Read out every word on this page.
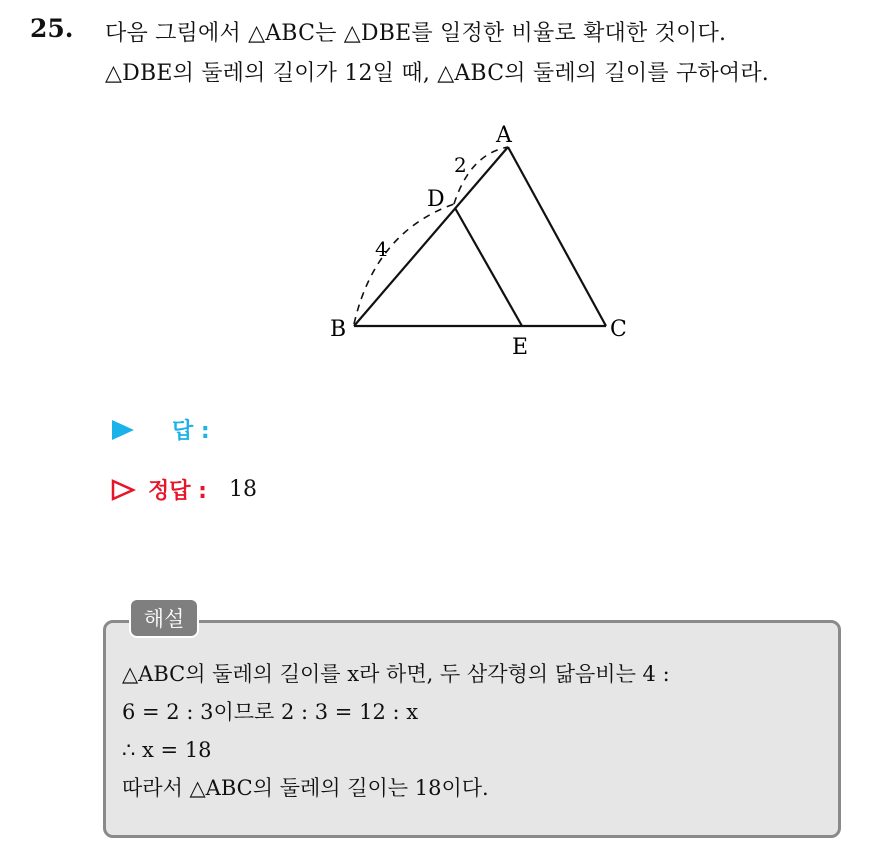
25. 다음 그림에서 △ABC는 △DBE를 일정한 비율로 확대한 것이다.
△DBE의 둘레의 길이가 12일 때, △ABC의 둘레의 길이를 구하여라.
A
D
B
E
C
2
4
답 :
정답 : 18
해설
△ABC의 둘레의 길이를 x라 하면, 두 삼각형의 닮음비는 4 :
6 = 2 : 3이므로 2 : 3 = 12 : x
∴ x = 18
따라서 △ABC의 둘레의 길이는 18이다.
